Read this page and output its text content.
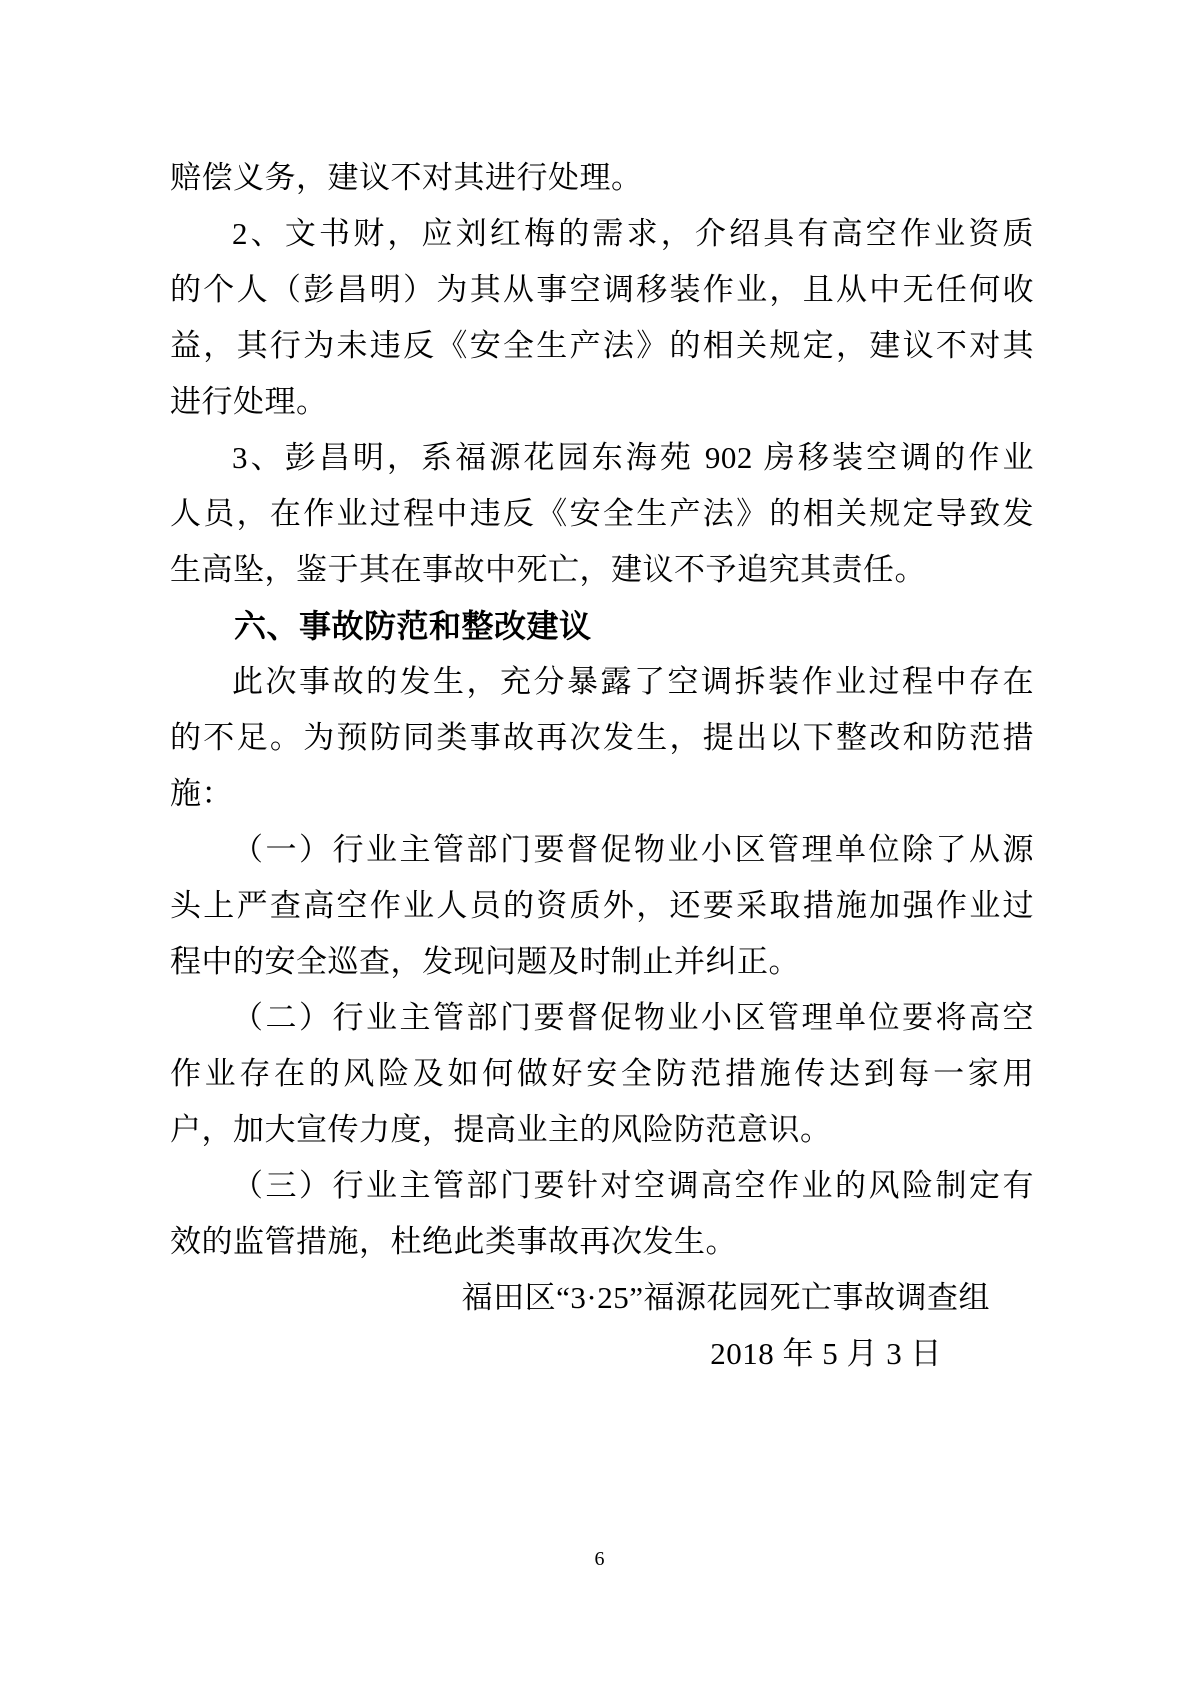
赔偿义务，建议不对其进行处理。
2、文书财，应刘红梅的需求，介绍具有高空作业资质
的个人（彭昌明）为其从事空调移装作业，且从中无任何收
益，其行为未违反《安全生产法》的相关规定，建议不对其
进行处理。
3、彭昌明，系福源花园东海苑 902 房移装空调的作业
人员，在作业过程中违反《安全生产法》的相关规定导致发
生高坠，鉴于其在事故中死亡，建议不予追究其责任。
六、事故防范和整改建议
此次事故的发生，充分暴露了空调拆装作业过程中存在
的不足。为预防同类事故再次发生，提出以下整改和防范措
施：
（一）行业主管部门要督促物业小区管理单位除了从源
头上严查高空作业人员的资质外，还要采取措施加强作业过
程中的安全巡查，发现问题及时制止并纠正。
（二）行业主管部门要督促物业小区管理单位要将高空
作业存在的风险及如何做好安全防范措施传达到每一家用
户，加大宣传力度，提高业主的风险防范意识。
（三）行业主管部门要针对空调高空作业的风险制定有
效的监管措施，杜绝此类事故再次发生。
福田区“3·25”福源花园死亡事故调查组
2018 年 5 月 3 日
6
